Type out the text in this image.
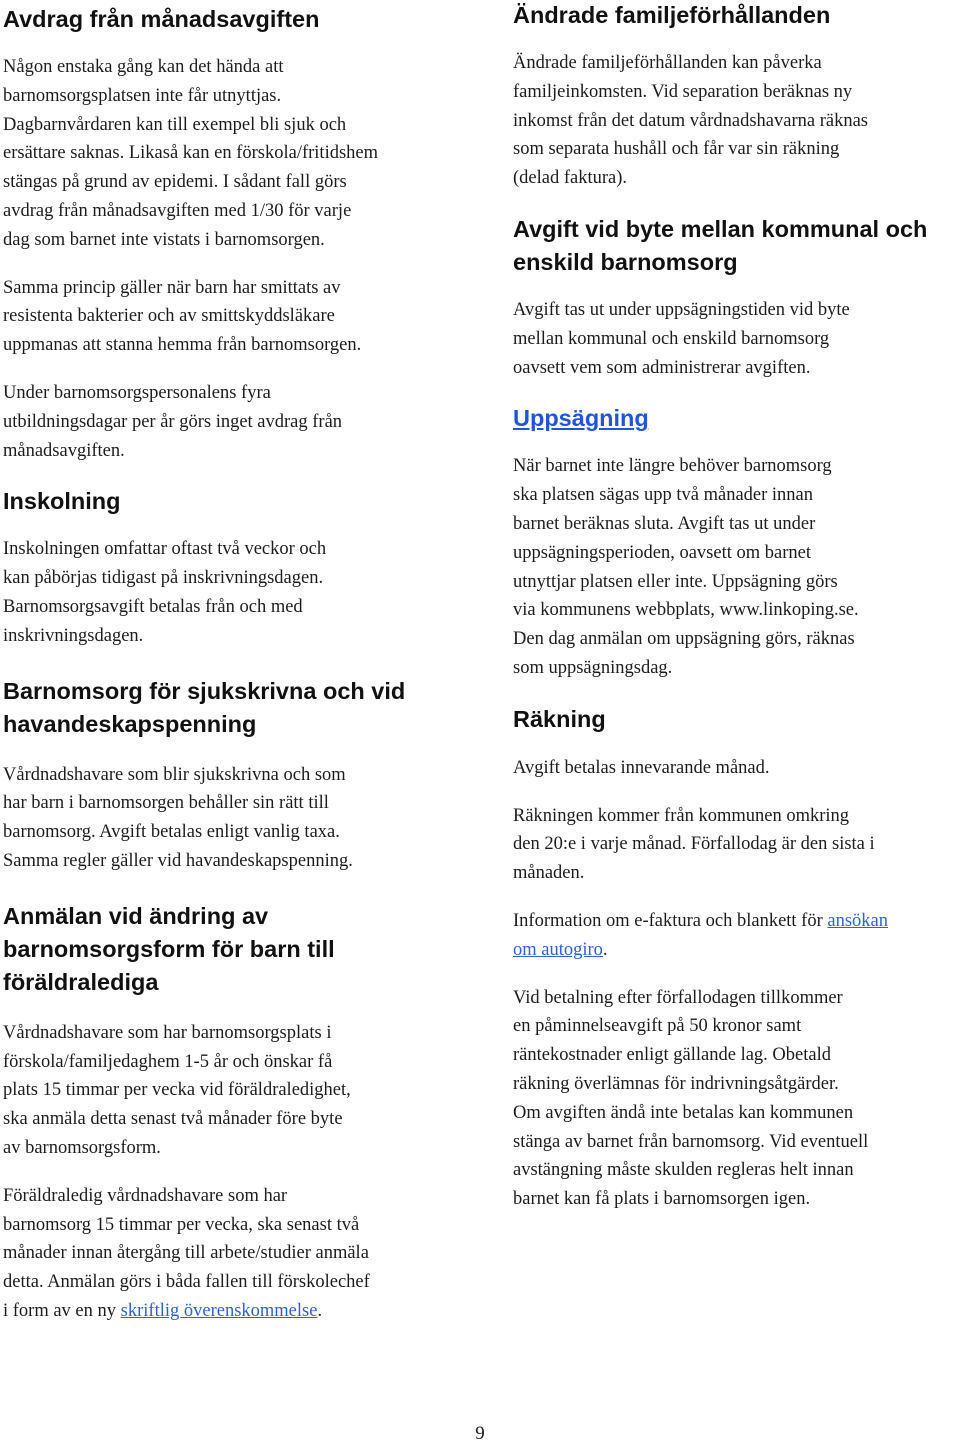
Avdrag från månadsavgiften

Någon enstaka gång kan det hända att
barnomsorgsplatsen inte får utnyttjas.
Dagbarnvårdaren kan till exempel bli sjuk och
ersättare saknas. Likaså kan en förskola/fritidshem
stängas på grund av epidemi. I sådant fall görs
avdrag från månadsavgiften med 1/30 för varje
dag som barnet inte vistats i barnomsorgen.

Samma princip gäller när barn har smittats av
resistenta bakterier och av smittskyddsläkare
uppmanas att stanna hemma från barnomsorgen.

Under barnomsorgspersonalens fyra
utbildningsdagar per år görs inget avdrag från
månadsavgiften.

Inskolning

Inskolningen omfattar oftast två veckor och
kan påbörjas tidigast på inskrivningsdagen.
Barnomsorgsavgift betalas från och med
inskrivningsdagen.

Barnomsorg för sjukskrivna och vid havandeskapspenning

Vårdnadshavare som blir sjukskrivna och som
har barn i barnomsorgen behåller sin rätt till
barnomsorg. Avgift betalas enligt vanlig taxa.
Samma regler gäller vid havandeskapspenning.

Anmälan vid ändring av barnomsorgsform för barn till föräldralediga

Vårdnadshavare som har barnomsorgsplats i
förskola/familjedaghem 1-5 år och önskar få
plats 15 timmar per vecka vid föräldraledighet,
ska anmäla detta senast två månader före byte
av barnomsorgsform.

Föräldraledig vårdnadshavare som har
barnomsorg 15 timmar per vecka, ska senast två
månader innan återgång till arbete/studier anmäla
detta. Anmälan görs i båda fallen till förskolechef
i form av en ny skriftlig överenskommelse.

Ändrade familjeförhållanden

Ändrade familjeförhållanden kan påverka
familjeinkomsten. Vid separation beräknas ny
inkomst från det datum vårdnadshavarna räknas
som separata hushåll och får var sin räkning
(delad faktura).

Avgift vid byte mellan kommunal och enskild barnomsorg

Avgift tas ut under uppsägningstiden vid byte
mellan kommunal och enskild barnomsorg
oavsett vem som administrerar avgiften.

Uppsägning

När barnet inte längre behöver barnomsorg
ska platsen sägas upp två månader innan
barnet beräknas sluta. Avgift tas ut under
uppsägningsperioden, oavsett om barnet
utnyttjar platsen eller inte. Uppsägning görs
via kommunens webbplats, www.linkoping.se.
Den dag anmälan om uppsägning görs, räknas
som uppsägningsdag.

Räkning

Avgift betalas innevarande månad.

Räkningen kommer från kommunen omkring
den 20:e i varje månad. Förfallodag är den sista i
månaden.

Information om e-faktura och blankett för ansökan
om autogiro.

Vid betalning efter förfallodagen tillkommer
en påminnelseavgift på 50 kronor samt
räntekostnader enligt gällande lag. Obetald
räkning överlämnas för indrivningsåtgärder.
Om avgiften ändå inte betalas kan kommunen
stänga av barnet från barnomsorg. Vid eventuell
avstängning måste skulden regleras helt innan
barnet kan få plats i barnomsorgen igen.

9
